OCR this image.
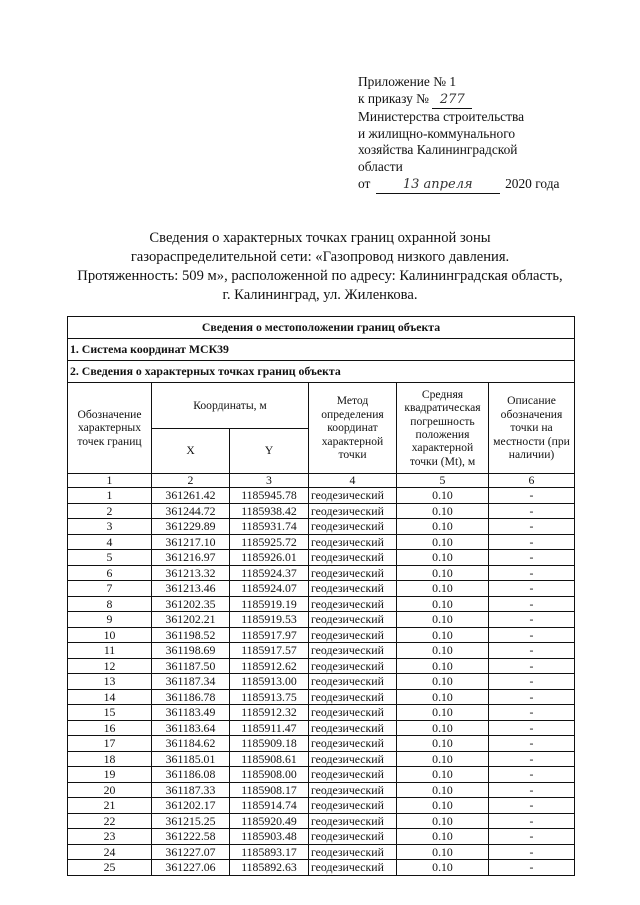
Приложение № 1
к приказу № 277
Министерства строительства
и жилищно-коммунального
хозяйства Калининградской
области
от	13 апреля 2020 года
Сведения о характерных точках границ охранной зоны
газораспределительной сети: «Газопровод низкого давления.
Протяженность: 509 м», расположенной по адресу: Калининградская область,
г. Калининград, ул. Жиленкова.
Сведения о местоположении границ объекта					
1. Система координат МСК39					
2. Сведения о характерных точках границ объекта					
Обозначение характерных точек границ	Координаты, м		Метод определения координат характерной точки	Средняя квадратическая погрешность положения характерной точки (Mt), м	Описание обозначения точки на местности (при наличии)
	X	Y			
1	2	3	4	5	6
1	361261.42	1185945.78	геодезический	0.10	-
2	361244.72	1185938.42	геодезический	0.10	-
3	361229.89	1185931.74	геодезический	0.10	-
4	361217.10	1185925.72	геодезический	0.10	-
5	361216.97	1185926.01	геодезический	0.10	-
6	361213.32	1185924.37	геодезический	0.10	-
7	361213.46	1185924.07	геодезический	0.10	-
8	361202.35	1185919.19	геодезический	0.10	-
9	361202.21	1185919.53	геодезический	0.10	-
10	361198.52	1185917.97	геодезический	0.10	-
11	361198.69	1185917.57	геодезический	0.10	-
12	361187.50	1185912.62	геодезический	0.10	-
13	361187.34	1185913.00	геодезический	0.10	-
14	361186.78	1185913.75	геодезический	0.10	-
15	361183.49	1185912.32	геодезический	0.10	-
16	361183.64	1185911.47	геодезический	0.10	-
17	361184.62	1185909.18	геодезический	0.10	-
18	361185.01	1185908.61	геодезический	0.10	-
19	361186.08	1185908.00	геодезический	0.10	-
20	361187.33	1185908.17	геодезический	0.10	-
21	361202.17	1185914.74	геодезический	0.10	-
22	361215.25	1185920.49	геодезический	0.10	-
23	361222.58	1185903.48	геодезический	0.10	-
24	361227.07	1185893.17	геодезический	0.10	-
25	361227.06	1185892.63	геодезический	0.10	-
